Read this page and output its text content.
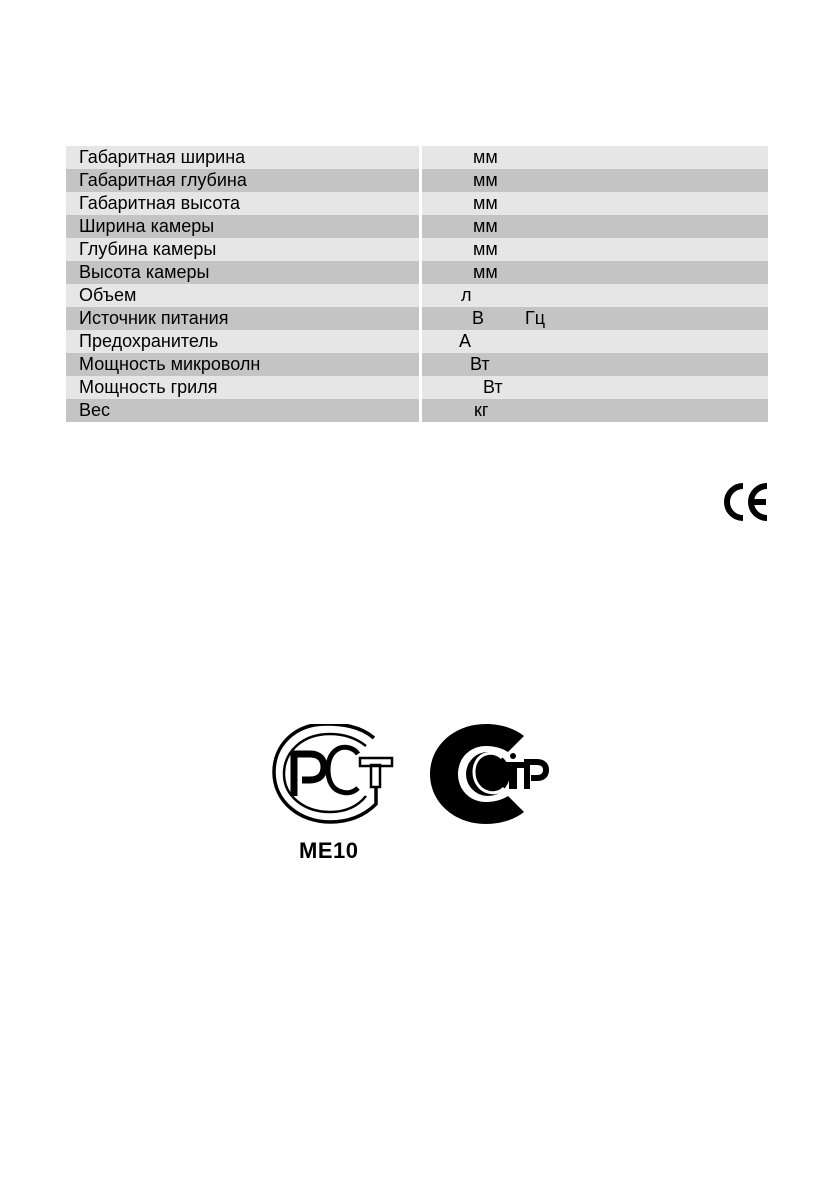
Габаритная ширина		мм	

Габаритная глубина		мм	

Габаритная высота		мм	

Ширина камеры		мм	

Глубина камеры		мм	

Высота камеры		мм	

Объем		л	

Источник питания		В Гц	

Предохранитель		А	

Мощность микроволн		Вт	

Мощность гриля		Вт	

Вес		кг	

ME10
